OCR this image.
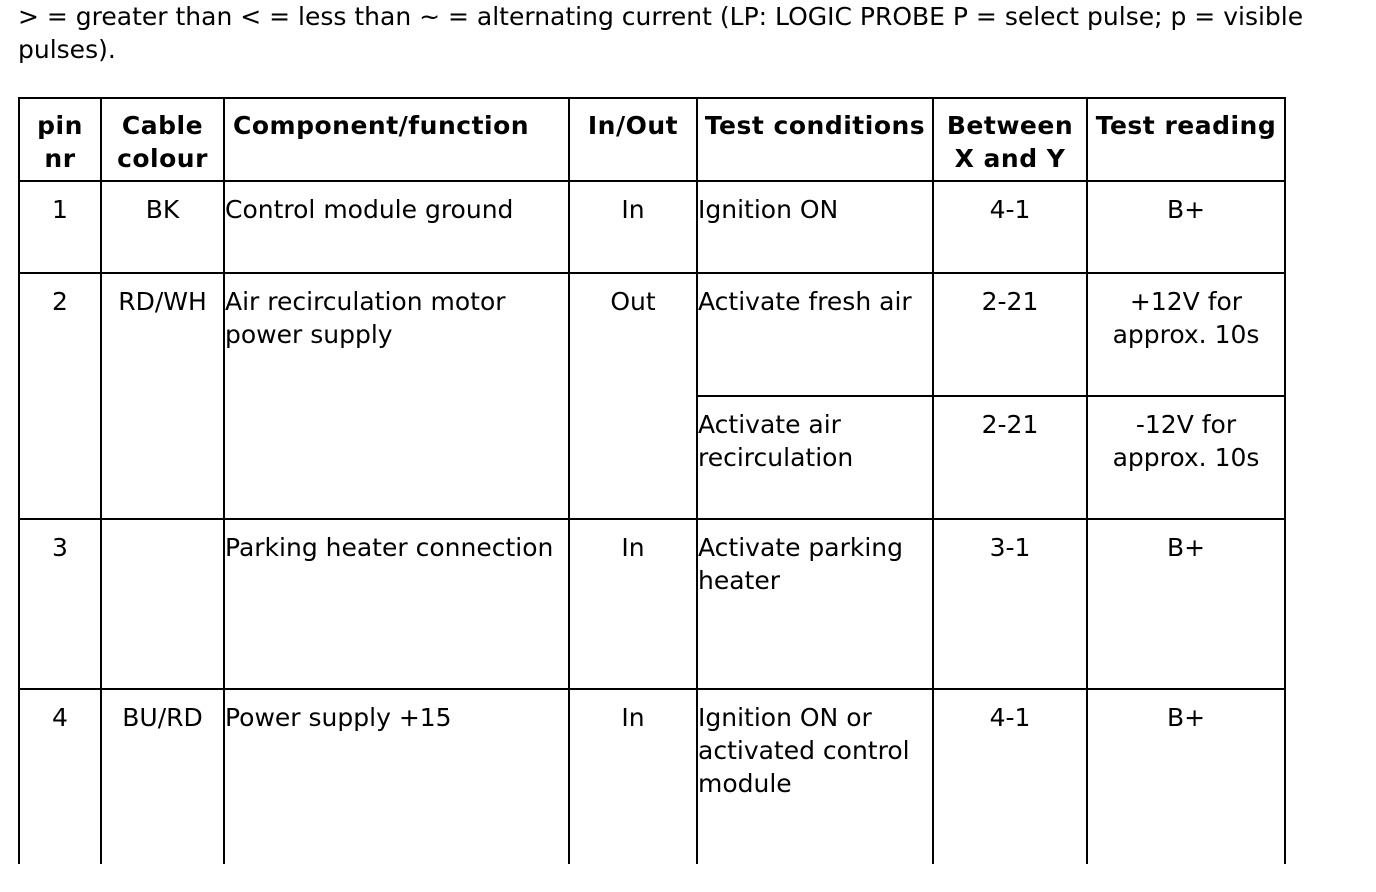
> = greater than < = less than ~ = alternating current (LP: LOGIC PROBE P = select pulse; p = visible pulses).

pin nr	Cable colour	Component/function	In/Out	Test conditions	Between X and Y	Test reading
1	BK	Control module ground	In	Ignition ON	4-1	B+
2	RD/WH	Air recirculation motor power supply	Out	Activate fresh air	2-21	+12V for approx. 10s
				Activate air recirculation	2-21	-12V for approx. 10s
3		Parking heater connection	In	Activate parking heater	3-1	B+
4	BU/RD	Power supply +15	In	Ignition ON or activated control module	4-1	B+
